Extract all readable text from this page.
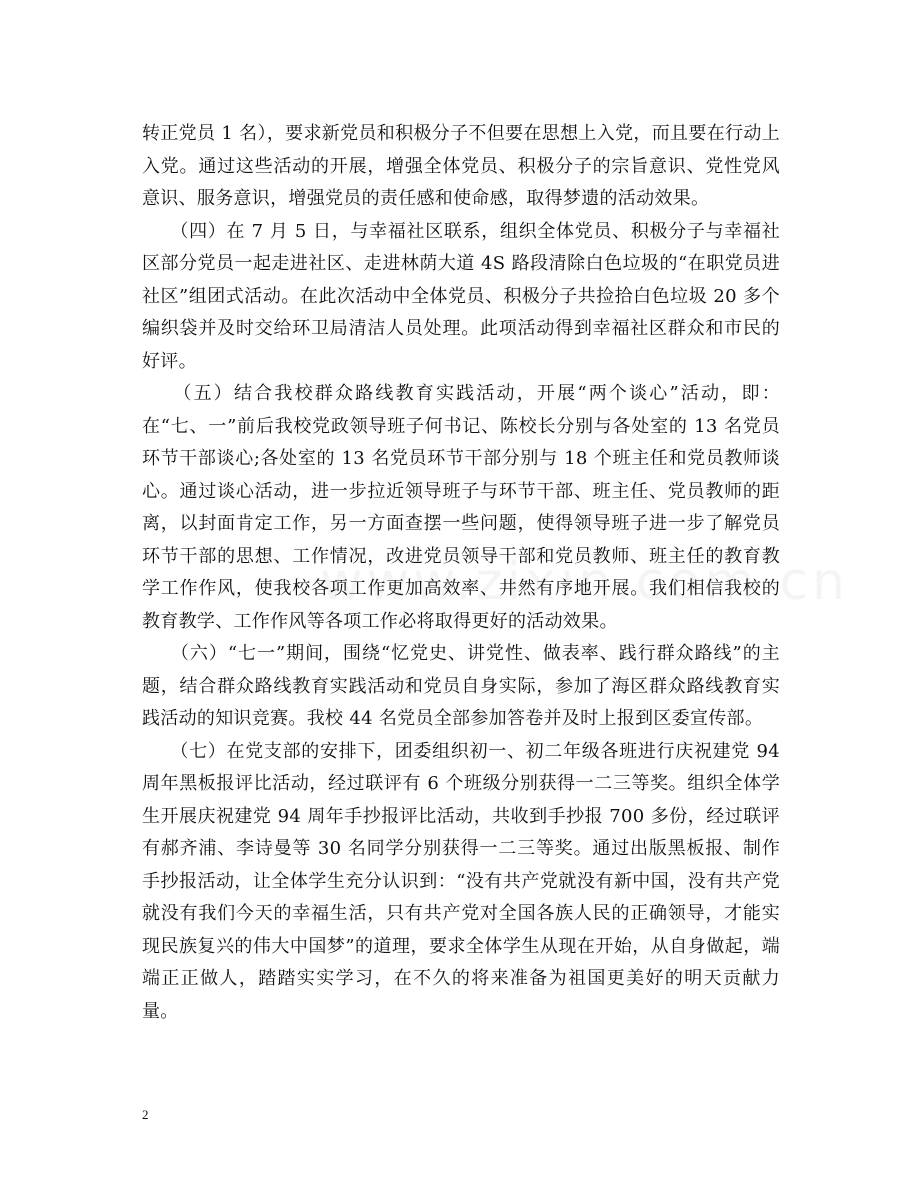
转正党员 1 名），要求新党员和积极分子不但要在思想上入党，而且要在行动上入党。通过这些活动的开展，增强全体党员、积极分子的宗旨意识、党性党风意识、服务意识，增强党员的责任感和使命感，取得梦遗的活动效果。

　　（四）在 7 月 5 日，与幸福社区联系，组织全体党员、积极分子与幸福社区部分党员一起走进社区、走进林荫大道 4S 路段清除白色垃圾的“在职党员进社区”组团式活动。在此次活动中全体党员、积极分子共捡拾白色垃圾 20 多个编织袋并及时交给环卫局清洁人员处理。此项活动得到幸福社区群众和市民的好评。

　　（五）结合我校群众路线教育实践活动，开展“两个谈心”活动，即：在“七、一”前后我校党政领导班子何书记、陈校长分别与各处室的 13 名党员环节干部谈心;各处室的 13 名党员环节干部分别与 18 个班主任和党员教师谈心。通过谈心活动，进一步拉近领导班子与环节干部、班主任、党员教师的距离，以封面肯定工作，另一方面查摆一些问题，使得领导班子进一步了解党员环节干部的思想、工作情况，改进党员领导干部和党员教师、班主任的教育教学工作作风，使我校各项工作更加高效率、井然有序地开展。我们相信我校的教育教学、工作作风等各项工作必将取得更好的活动效果。

　　（六）“七一”期间，围绕“忆党史、讲党性、做表率、践行群众路线”的主题，结合群众路线教育实践活动和党员自身实际，参加了海区群众路线教育实践活动的知识竞赛。我校 44 名党员全部参加答卷并及时上报到区委宣传部。

　　（七）在党支部的安排下，团委组织初一、初二年级各班进行庆祝建党 94 周年黑板报评比活动，经过联评有 6 个班级分别获得一二三等奖。组织全体学生开展庆祝建党 94 周年手抄报评比活动，共收到手抄报 700 多份，经过联评有郝齐浦、李诗曼等 30 名同学分别获得一二三等奖。通过出版黑板报、制作手抄报活动，让全体学生充分认识到：“没有共产党就没有新中国，没有共产党就没有我们今天的幸福生活，只有共产党对全国各族人民的正确领导，才能实现民族复兴的伟大中国梦”的道理，要求全体学生从现在开始，从自身做起，端端正正做人，踏踏实实学习，在不久的将来准备为祖国更美好的明天贡献力量。

2
